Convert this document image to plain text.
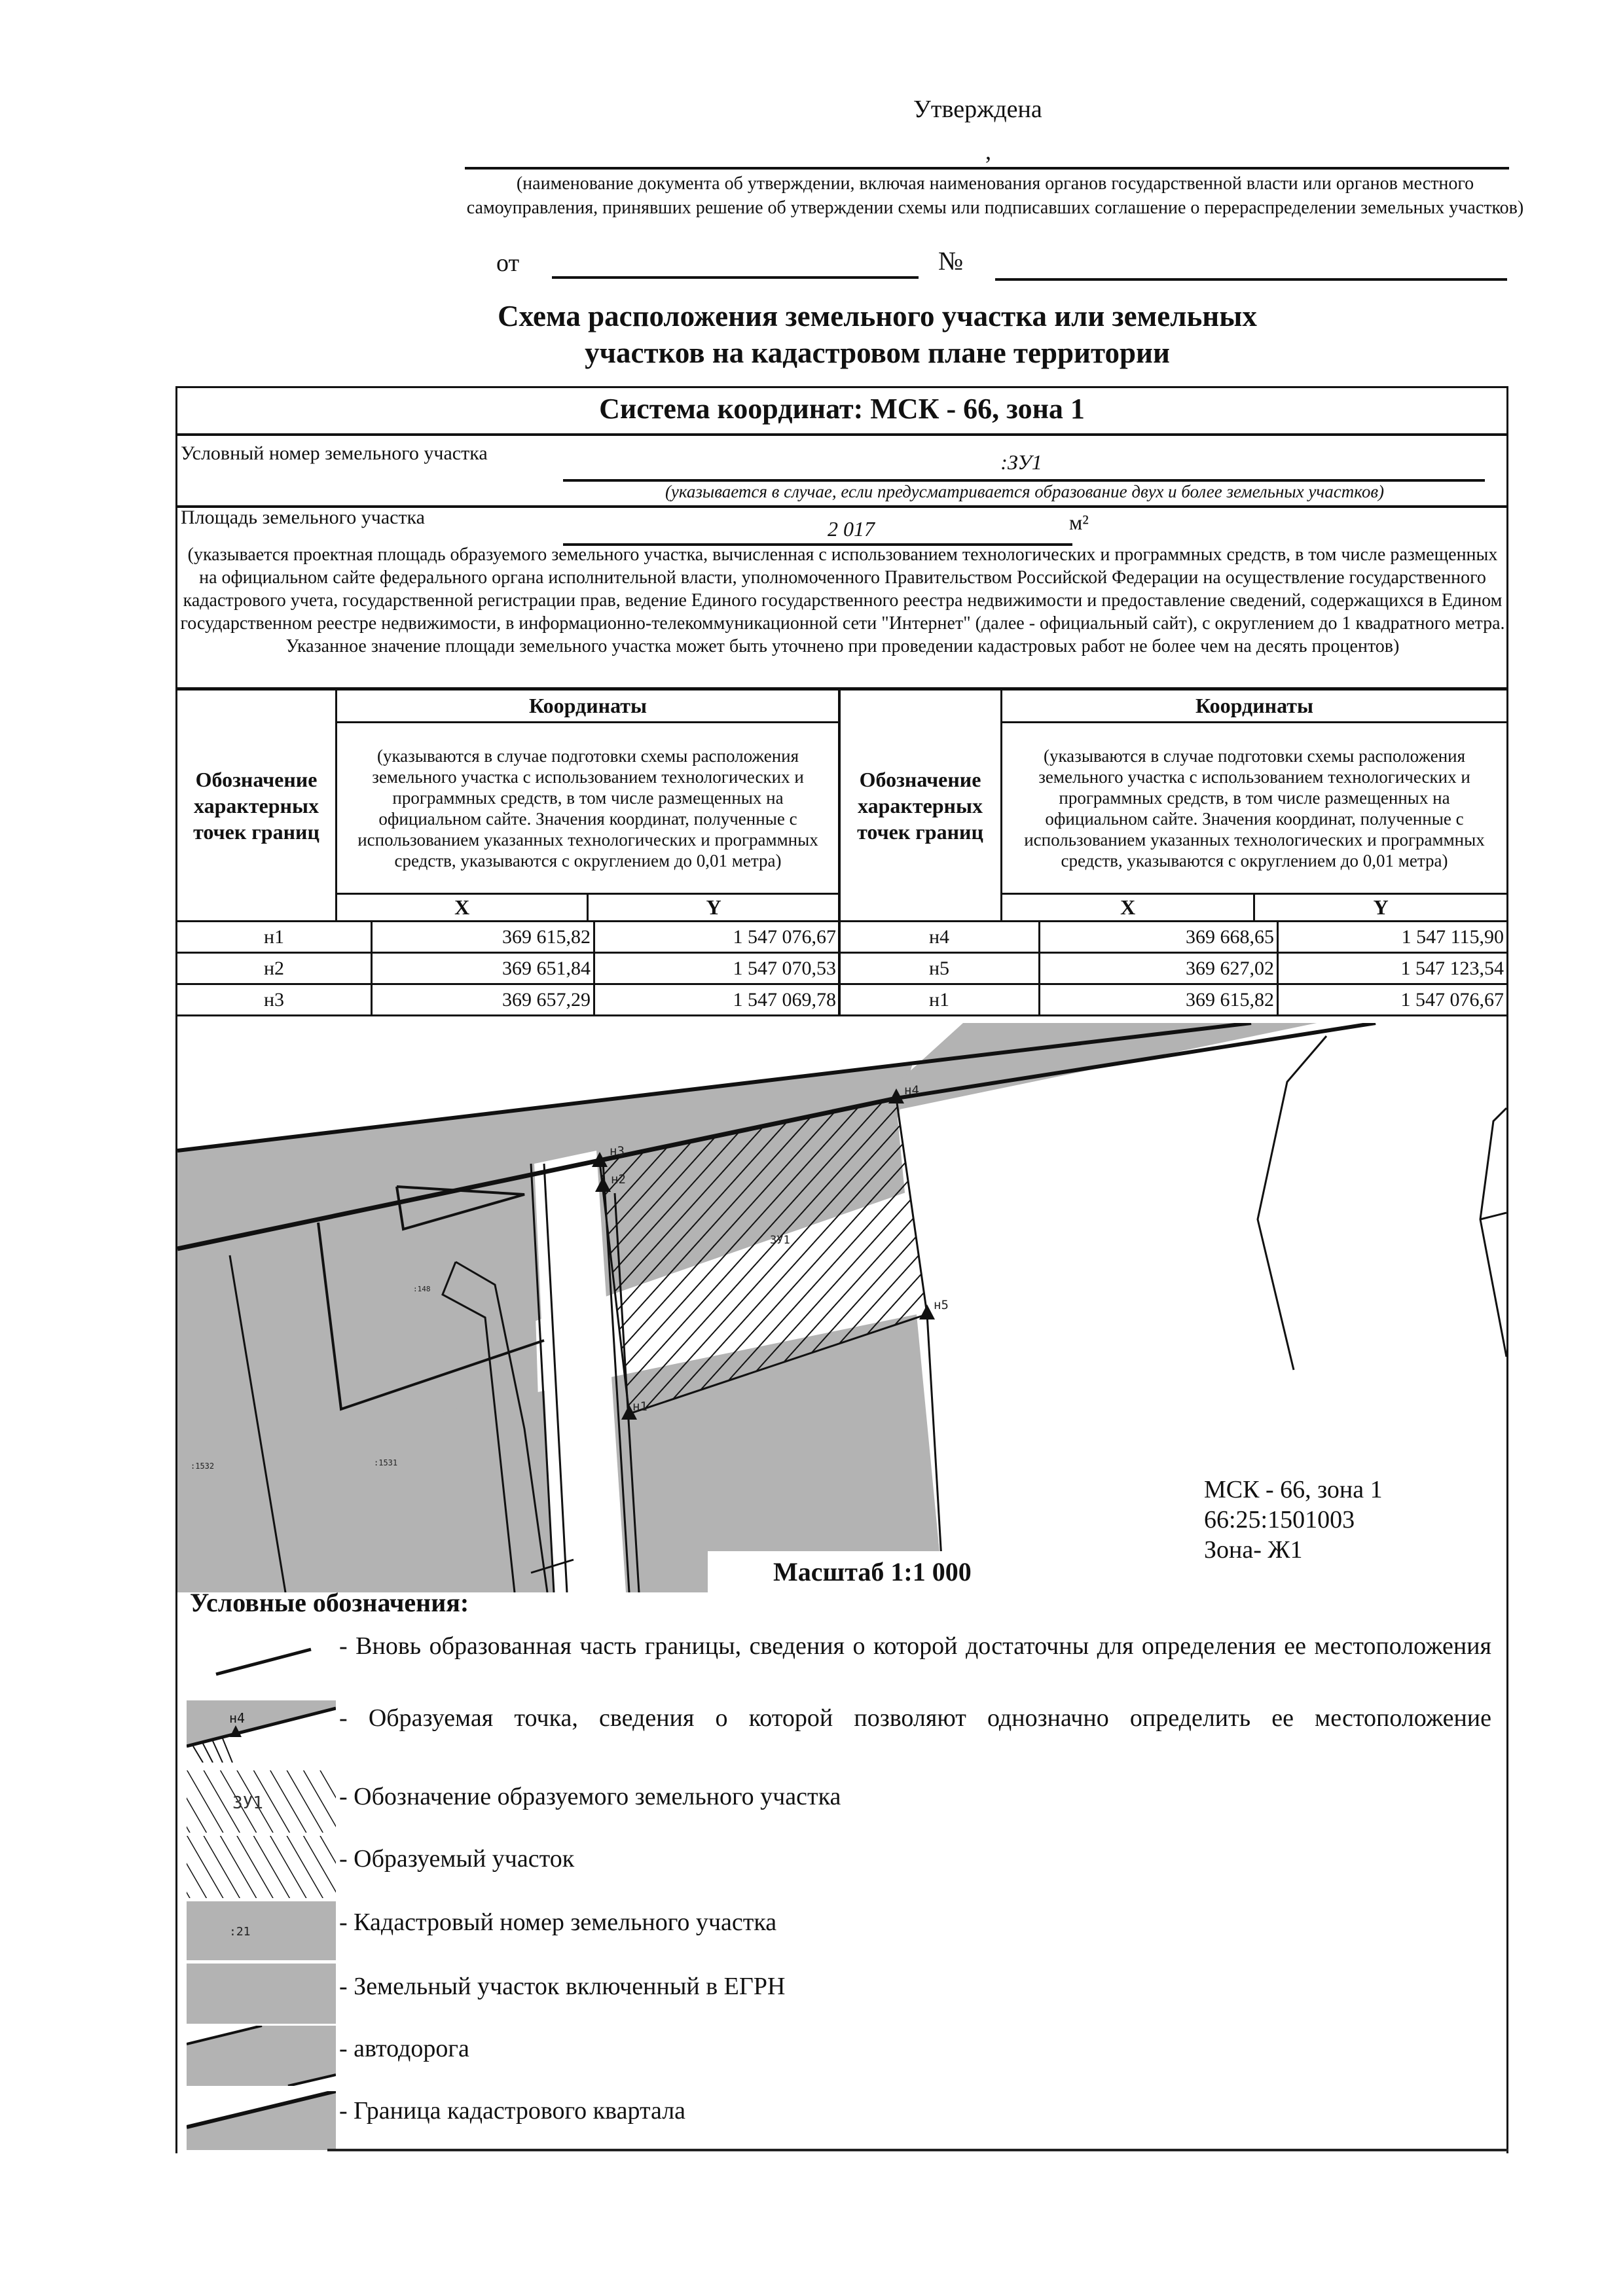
Утверждена
,
(наименование документа об утверждении, включая наименования органов государственной власти или органов местного самоуправления, принявших решение об утверждении схемы или подписавших соглашение о перераспределении земельных участков)
от	№
Схема расположения земельного участка или земельных
участков на кадастровом плане территории
Система координат: МСК - 66, зона 1
Условный номер земельного участка	:ЗУ1
(указывается в случае, если предусматривается образование двух и более земельных участков)
Площадь земельного участка	2 017	м²
(указывается проектная площадь образуемого земельного участка, вычисленная с использованием технологических и программных средств, в том числе размещенных на официальном сайте федерального органа исполнительной власти, уполномоченного Правительством Российской Федерации на осуществление государственного кадастрового учета, государственной регистрации прав, ведение Единого государственного реестра недвижимости и предоставление сведений, содержащихся в Едином государственном реестре недвижимости, в информационно-телекоммуникационной сети "Интернет" (далее - официальный сайт), с округлением до 1 квадратного метра. Указанное значение площади земельного участка может быть уточнено при проведении кадастровых работ не более чем на десять процентов)
Обозначение характерных точек границ	Координаты	
	(указываются в случае подготовки схемы расположения земельного участка с использованием технологических и программных средств, в том числе размещенных на официальном сайте. Значения координат, полученные с использованием указанных технологических и программных средств, указываются с округлением до 0,01 метра)	
	X	Y
Обозначение характерных точек границ	Координаты	
	(указываются в случае подготовки схемы расположения земельного участка с использованием технологических и программных средств, в том числе размещенных на официальном сайте. Значения координат, полученные с использованием указанных технологических и программных средств, указываются с округлением до 0,01 метра)	
	X	Y
н1	369 615,82	1 547 076,67
н2	369 651,84	1 547 070,53
н3	369 657,29	1 547 069,78
н4	369 668,65	1 547 115,90
н5	369 627,02	1 547 123,54
н1	369 615,82	1 547 076,67
н3
н2
н4
н5
н1
ЗУ1
:1532	:1531
:148
Масштаб 1:1 000
МСК - 66, зона 1
66:25:1501003
Зона- Ж1
Условные обозначения:
- Вновь образованная часть границы, сведения о которой достаточны для определения ее местоположения
н4	- Образуемая точка, сведения о которой позволяют однозначно определить ее местоположение
ЗУ1	- Обозначение образуемого земельного участка
- Образуемый участок
:21	- Кадастровый номер земельного участка
- Земельный участок включенный в ЕГРН
- автодорога
- Граница кадастрового квартала
